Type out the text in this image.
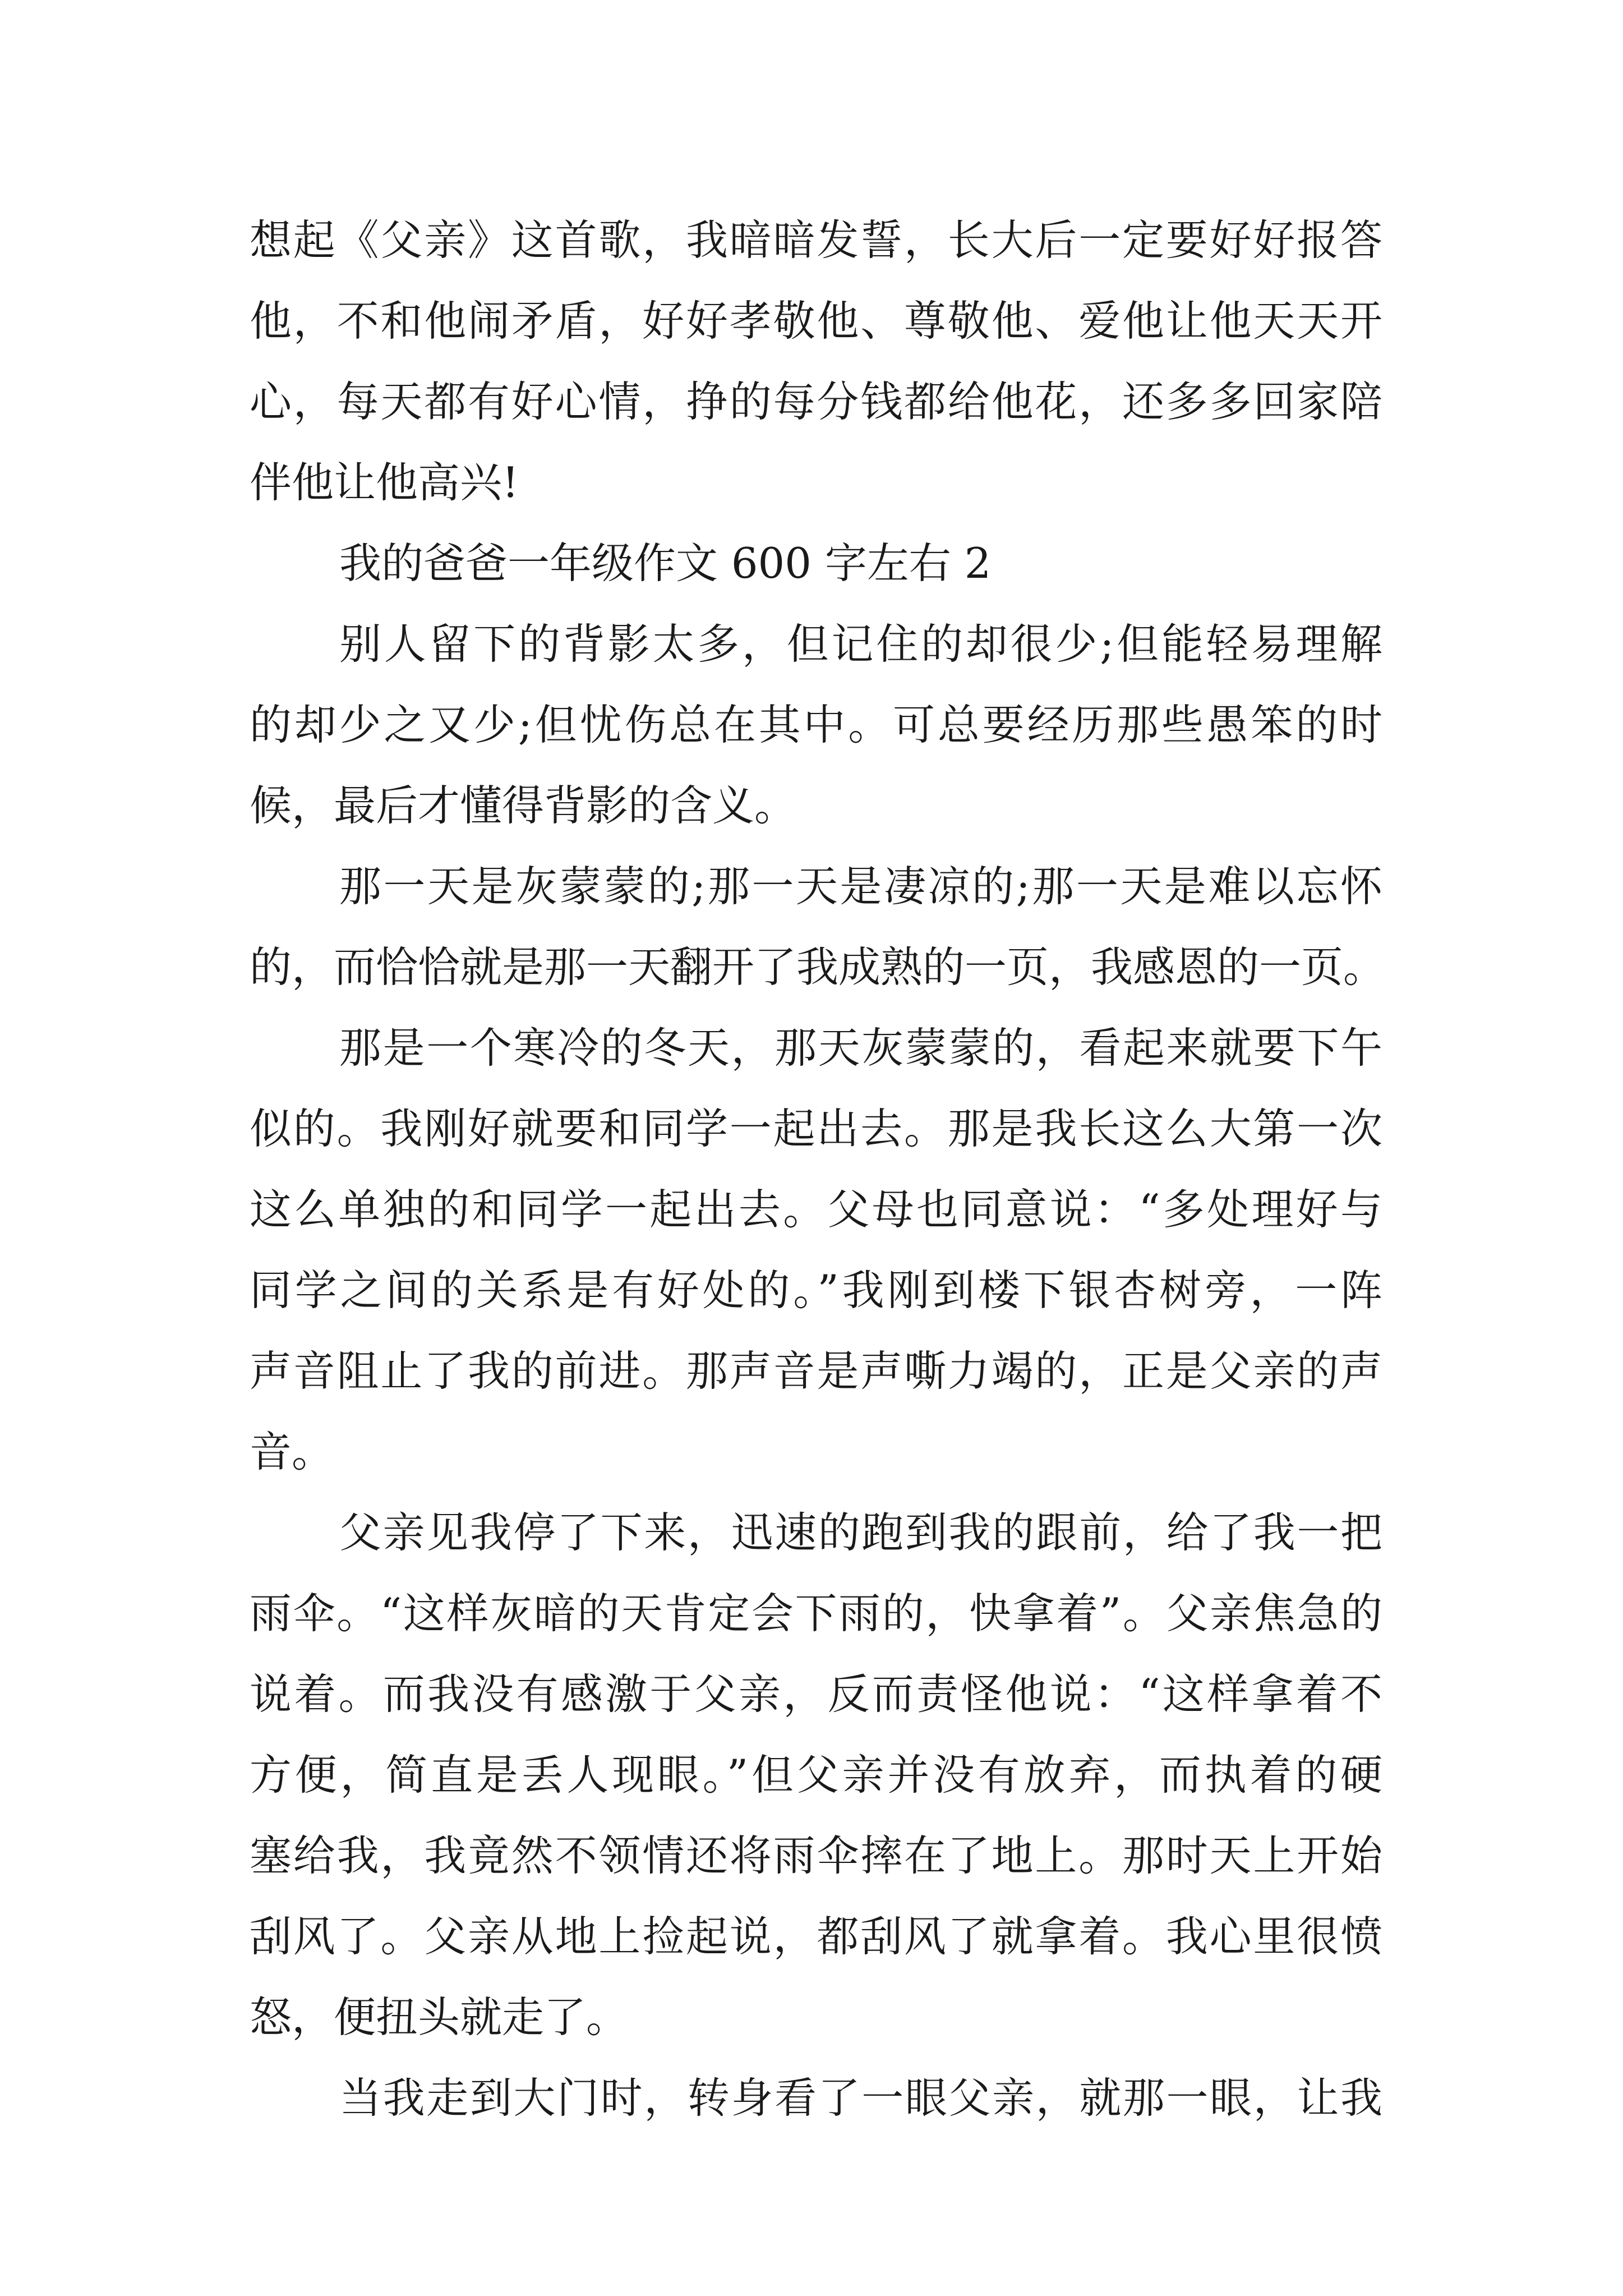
想起《父亲》这首歌，我暗暗发誓，长大后一定要好好报答
他，不和他闹矛盾，好好孝敬他、尊敬他、爱他让他天天开
心，每天都有好心情，挣的每分钱都给他花，还多多回家陪
伴他让他高兴!
我的爸爸一年级作文 600 字左右 2
别人留下的背影太多，但记住的却很少;但能轻易理解
的却少之又少;但忧伤总在其中。可总要经历那些愚笨的时
候，最后才懂得背影的含义。
那一天是灰蒙蒙的;那一天是凄凉的;那一天是难以忘怀
的，而恰恰就是那一天翻开了我成熟的一页，我感恩的一页。
那是一个寒冷的冬天，那天灰蒙蒙的，看起来就要下午
似的。我刚好就要和同学一起出去。那是我长这么大第一次
这么单独的和同学一起出去。父母也同意说：“多处理好与
同学之间的关系是有好处的。”我刚到楼下银杏树旁，一阵
声音阻止了我的前进。那声音是声嘶力竭的，正是父亲的声
音。
父亲见我停了下来，迅速的跑到我的跟前，给了我一把
雨伞。“这样灰暗的天肯定会下雨的，快拿着”。父亲焦急的
说着。而我没有感激于父亲，反而责怪他说：“这样拿着不
方便，简直是丢人现眼。”但父亲并没有放弃，而执着的硬
塞给我，我竟然不领情还将雨伞摔在了地上。那时天上开始
刮风了。父亲从地上捡起说，都刮风了就拿着。我心里很愤
怒，便扭头就走了。
当我走到大门时，转身看了一眼父亲，就那一眼，让我
